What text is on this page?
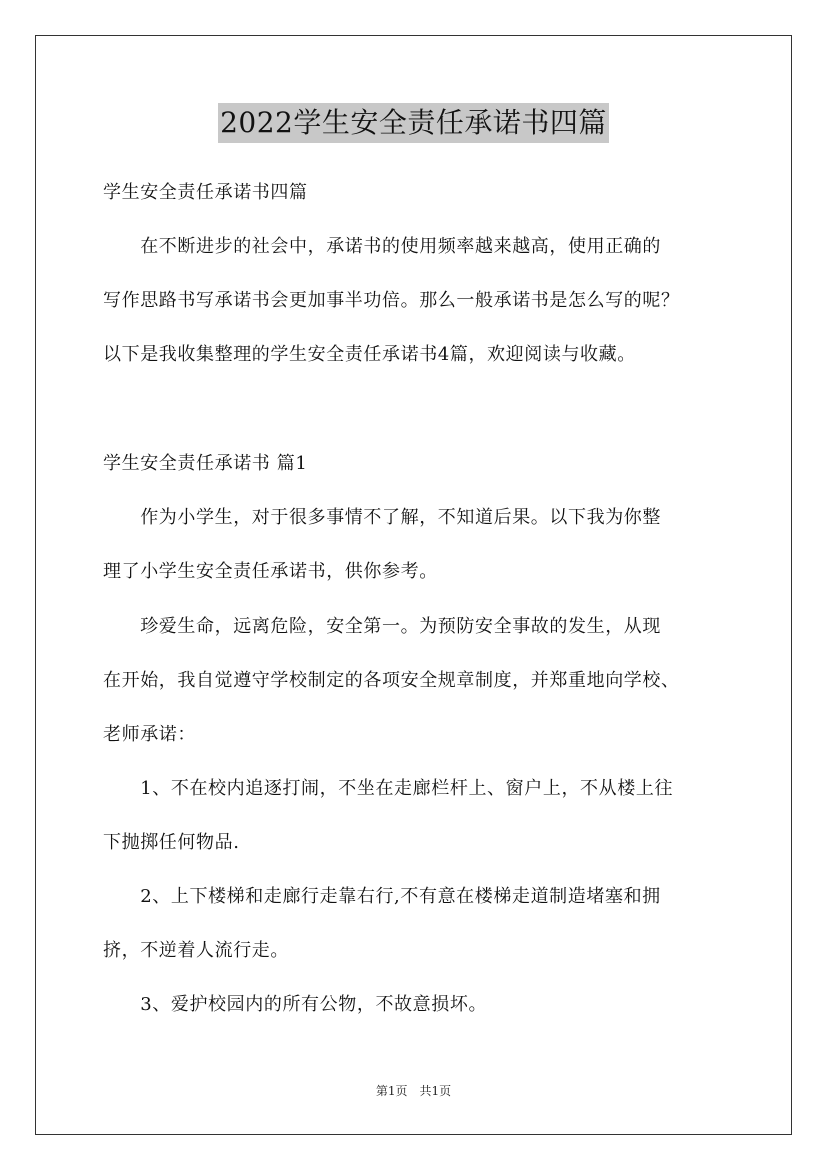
2022学生安全责任承诺书四篇
学生安全责任承诺书四篇
　　在不断进步的社会中，承诺书的使用频率越来越高，使用正确的
写作思路书写承诺书会更加事半功倍。那么一般承诺书是怎么写的呢？
以下是我收集整理的学生安全责任承诺书4篇，欢迎阅读与收藏。
学生安全责任承诺书 篇1
　　作为小学生，对于很多事情不了解，不知道后果。以下我为你整
理了小学生安全责任承诺书，供你参考。
　　珍爱生命，远离危险，安全第一。为预防安全事故的发生，从现
在开始，我自觉遵守学校制定的各项安全规章制度，并郑重地向学校、
老师承诺：
　　1、不在校内追逐打闹，不坐在走廊栏杆上、窗户上，不从楼上往
下抛掷任何物品.
　　2、上下楼梯和走廊行走靠右行,不有意在楼梯走道制造堵塞和拥
挤，不逆着人流行走。
　　3、爱护校园内的所有公物，不故意损坏。
第1页　共1页
